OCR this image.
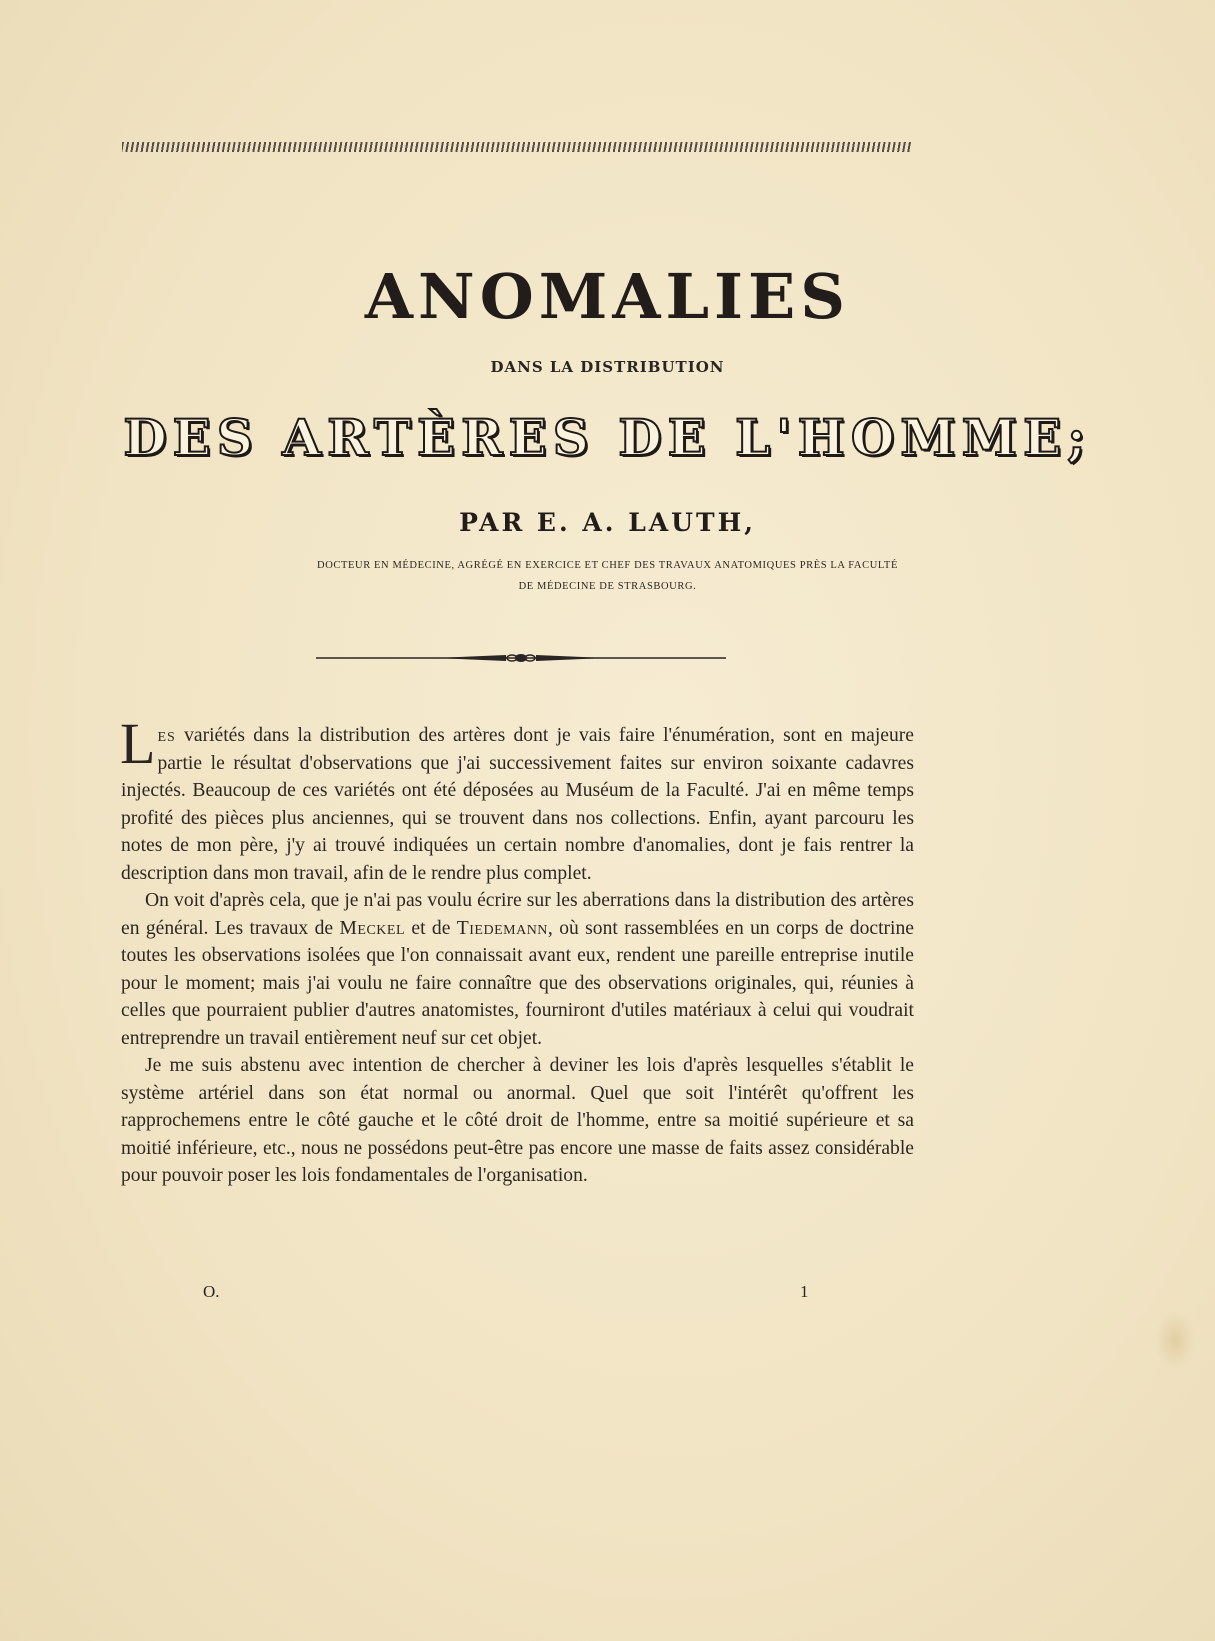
ANOMALIES
DANS LA DISTRIBUTION
DES ARTÈRES DE L'HOMME;
PAR E. A. LAUTH,
DOCTEUR EN MÉDECINE, AGRÉGÉ EN EXERCICE ET CHEF DES TRAVAUX ANATOMIQUES PRÈS LA FACULTÉ
DE MÉDECINE DE STRASBOURG.

Les variétés dans la distribution des artères dont je vais faire l'énumération, sont en majeure partie le résultat d'observations que j'ai successivement faites sur environ soixante cadavres injectés. Beaucoup de ces variétés ont été déposées au Muséum de la Faculté. J'ai en même temps profité des pièces plus anciennes, qui se trouvent dans nos collections. Enfin, ayant parcouru les notes de mon père, j'y ai trouvé indiquées un certain nombre d'anomalies, dont je fais rentrer la description dans mon travail, afin de le rendre plus complet.

On voit d'après cela, que je n'ai pas voulu écrire sur les aberrations dans la distribution des artères en général. Les travaux de Meckel et de Tiedemann, où sont rassemblées en un corps de doctrine toutes les observations isolées que l'on connaissait avant eux, rendent une pareille entreprise inutile pour le moment; mais j'ai voulu ne faire connaître que des observations originales, qui, réunies à celles que pourraient publier d'autres anatomistes, fourniront d'utiles matériaux à celui qui voudrait entreprendre un travail entièrement neuf sur cet objet.

Je me suis abstenu avec intention de chercher à deviner les lois d'après lesquelles s'établit le système artériel dans son état normal ou anormal. Quel que soit l'intérêt qu'offrent les rapprochemens entre le côté gauche et le côté droit de l'homme, entre sa moitié supérieure et sa moitié inférieure, etc., nous ne possédons peut-être pas encore une masse de faits assez considérable pour pouvoir poser les lois fondamentales de l'organisation.

O.	1
